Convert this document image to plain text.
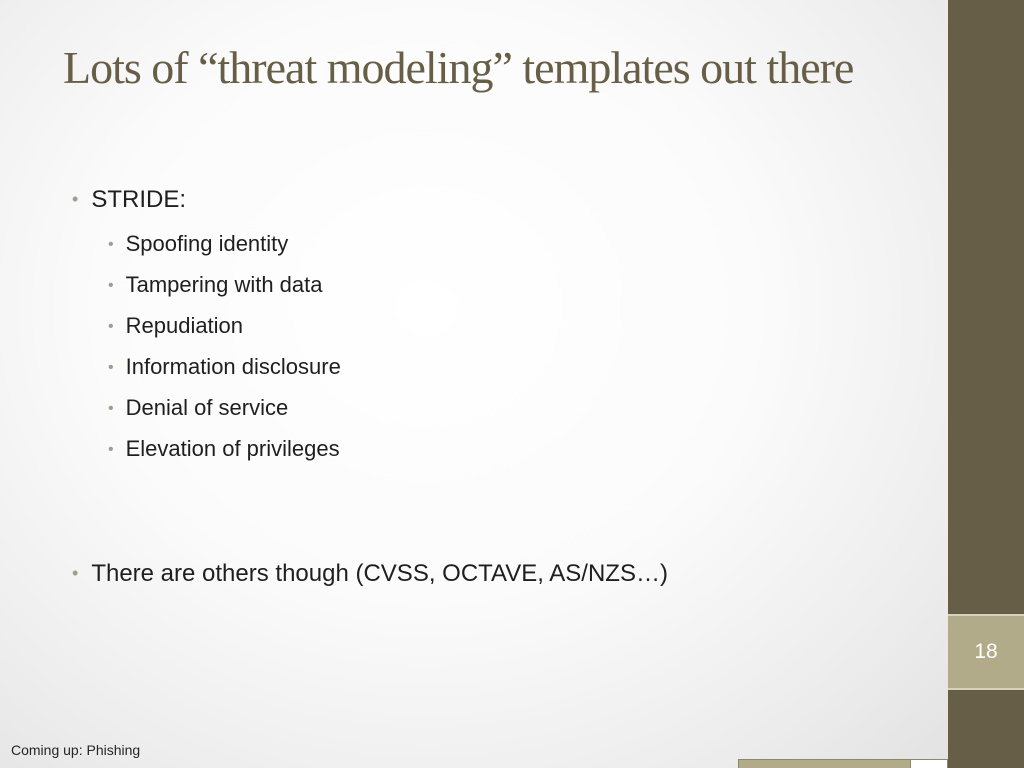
Lots of “threat modeling” templates out there
• STRIDE:
• Spoofing identity
• Tampering with data
• Repudiation
• Information disclosure
• Denial of service
• Elevation of privileges
• There are others though (CVSS, OCTAVE, AS/NZS…)
Coming up: Phishing
18
